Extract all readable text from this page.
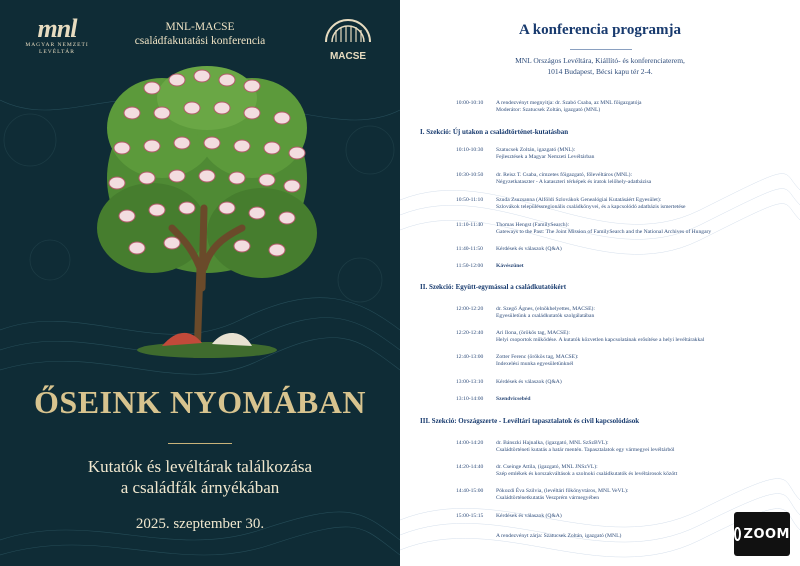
mnl
MAGYAR NEMZETI
LEVÉLTÁR
MNL-MACSE
családfakutatási konferencia
MACSE
ŐSEINK NYOMÁBAN
Kutatók és levéltárak találkozása
a családfák árnyékában
2025. szeptember 30.
A konferencia programja
MNL Országos Levéltára, Kiállító- és konferenciaterem,
1014 Budapest, Bécsi kapu tér 2-4.
10:00-10:10	A rendezvényt megnyitja: dr. Szabó Csaba, az MNL főigazgatója
Moderátor: Szatucsek Zoltán, igazgató (MNL)
I. Szekció: Új utakon a családtörténet-kutatásban
10:10-10:30	Szatucsek Zoltán, igazgató (MNL):
Fejlesztések a Magyar Nemzeti Levéltárban
10:30-10:50	dr. Reisz T. Csaba, címzetes főigazgató, főlevéltáros (MNL):
Négyzetkataszter - A kataszteri térképek és iratok lelőhely-adatbázisa
10:50-11:10	Szuda Zsuzsanna (Alföldi Szlovákok Genealógiai Kutatásáért Egyesület):
Szlovákok településsregionális családkönyvei, és a kapcsolódó adatbázis ismertetése
11:10-11:40	Thomas Hengst (FamilySearch):
Gateways to the Past: The Joint Mission of FamilySearch and the National Archives of Hungary
11:40-11:50	Kérdések és válaszok (Q&A)
11:50-12:00	Kávészünet
II. Szekció: Együtt-egymással a családkutatókért
12:00-12:20	dr. Szegő Ágnes, (elnökhelyettes, MACSE):
Egyesületünk a családkutatók szolgálatában
12:20-12:40	Ari Ilona, (örökös tag, MACSE):
Helyi csoportok működése. A kutatók közvetlen kapcsolatának erősítése a helyi levéltárakkal
12:40-13:00	Zotter Ferenc (örökös tag, MACSE):
Indexelési munka egyesületünknél
13:00-13:10	Kérdések és válaszok (Q&A)
13:10-14:00	Szendvicsebéd
III. Szekció: Országszerte - Levéltári tapasztalatok és civil kapcsolódások
14:00-14:20	dr. Bánszki Hajnalka, (igazgató, MNL SzSzBVL):
Családtörténeti kutatás a határ mentén. Tapasztalatok egy vármegyei levéltárból
14:20-14:40	dr. Cseinge Attila, (igazgató, MNL JNSzVL):
Szép emlékek és korszakváltások a szolnoki családkutatók és levéltárosok között
14:40-15:00	Pókozdi Éva Szilvia, (levéltári főkönyvtáros, MNL VeVL):
Családtörténetkutatás Veszprém vármegyében
15:00-15:15	Kérdések és válaszok (Q&A)
A rendezvényt zárja: Szatucsek Zoltán, igazgató (MNL)	ZOOM
